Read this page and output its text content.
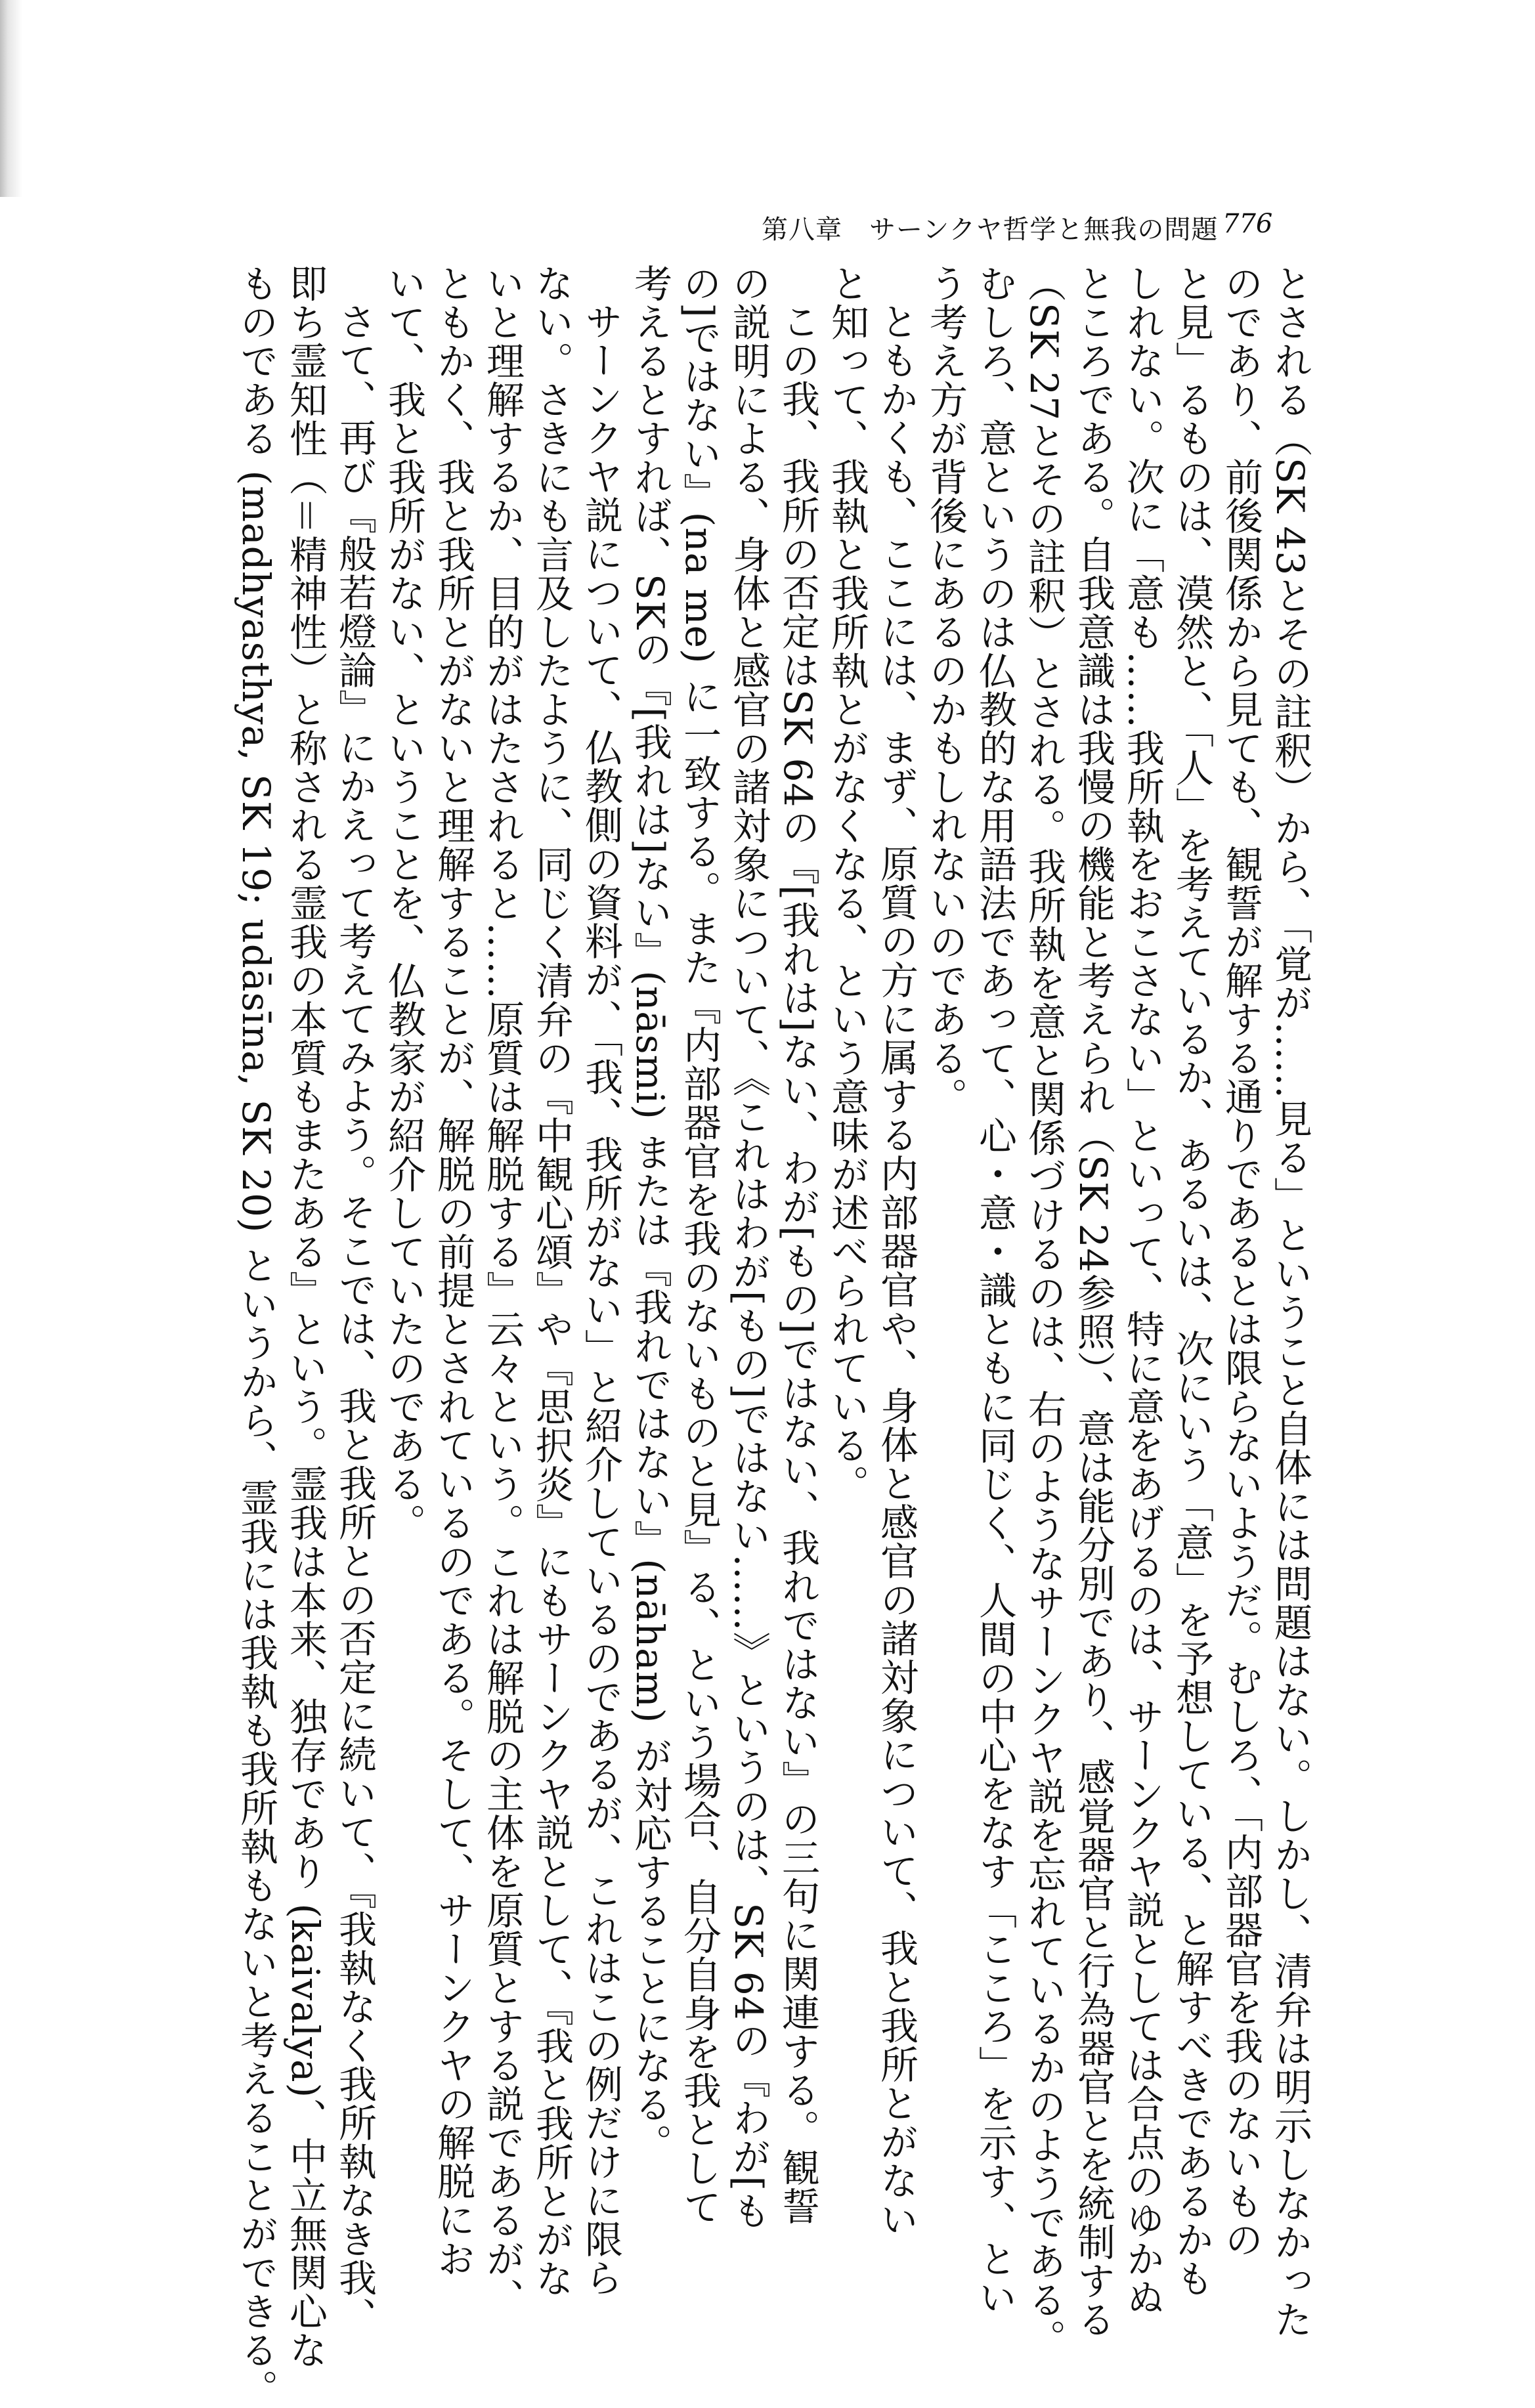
第八章　サーンクヤ哲学と無我の問題 776
とされる（SK 43とその註釈）から、「覚が……見る」ということ自体には問題はない。しかし、清弁は明示しなかった
のであり、前後関係から見ても、観誓が解する通りであるとは限らないようだ。むしろ、「内部器官を我のないもの
と見」るものは、漠然と、「人」を考えているか、あるいは、次にいう「意」を予想している、と解すべきであるかも
しれない。次に「意も……我所執をおこさない」といって、特に意をあげるのは、サーンクヤ説としては合点のゆかぬ
ところである。自我意識は我慢の機能と考えられ（SK 24参照）、意は能分別であり、感覚器官と行為器官とを統制する
（SK 27とその註釈）とされる。我所執を意と関係づけるのは、右のようなサーンクヤ説を忘れているかのようである。
むしろ、意というのは仏教的な用語法であって、心・意・識ともに同じく、人間の中心をなす「こころ」を示す、とい
う考え方が背後にあるのかもしれないのである。
ともかくも、ここには、まず、原質の方に属する内部器官や、身体と感官の諸対象について、我と我所とがない
と知って、我執と我所執とがなくなる、という意味が述べられている。
この我、我所の否定はSK 64の『[我れは]ない、わが[もの]ではない、我れではない』の三句に関連する。観誓
の説明による、身体と感官の諸対象について、《これはわが[もの]ではない……》というのは、SK 64の『わが[も
の]ではない』(na me) に一致する。また『内部器官を我のないものと見』る、という場合、自分自身を我として
考えるとすれば、SKの『[我れは]ない』(nāsmi) または『我れではない』(nāham) が対応することになる。
サーンクヤ説について、仏教側の資料が、「我、我所がない」と紹介しているのであるが、これはこの例だけに限ら
ない。さきにも言及したように、同じく清弁の『中観心頌』や『思択炎』にもサーンクヤ説として、『我と我所とがな
いと理解するか、目的がはたされると……原質は解脱する』云々という。これは解脱の主体を原質とする説であるが、
ともかく、我と我所とがないと理解することが、解脱の前提とされているのである。そして、サーンクヤの解脱にお
いて、我と我所がない、ということを、仏教家が紹介していたのである。
さて、再び『般若燈論』にかえって考えてみよう。そこでは、我と我所との否定に続いて、『我執なく我所執なき我、
即ち霊知性（＝精神性）と称される霊我の本質もまたある』という。霊我は本来、独存であり (kaivalya)、中立無関心な
ものである (madhyasthya, SK 19; udāsīna, SK 20) というから、霊我には我執も我所執もないと考えることができる。
